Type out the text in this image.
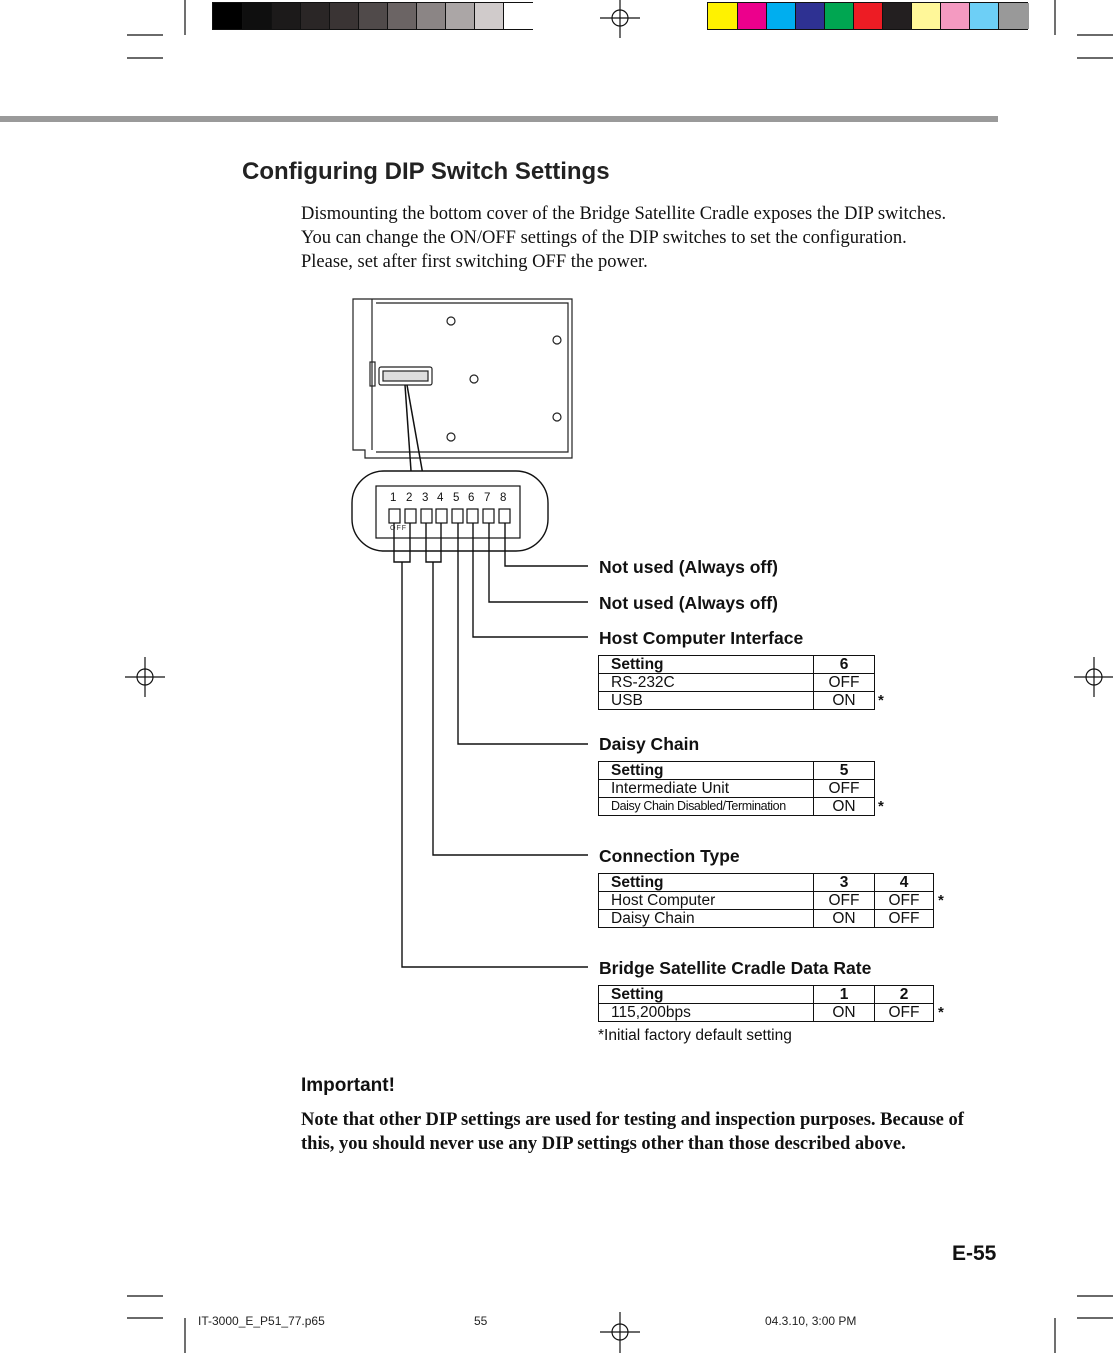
Configuring DIP Switch Settings
Dismounting the bottom cover of the Bridge Satellite Cradle exposes the DIP switches.
You can change the ON/OFF settings of the DIP switches to set the configuration.
Please, set after first switching OFF the power.
1 2 3 4 5 6 7 8
OFF
Not used (Always off)
Not used (Always off)
Host Computer Interface
Setting	6
RS-232C	OFF
USB	ON *
Daisy Chain
Setting	5
Intermediate Unit	OFF
Daisy Chain Disabled/Termination	ON *
Connection Type
Setting	3	4
Host Computer	OFF	OFF
Daisy Chain	ON	OFF
*
Bridge Satellite Cradle Data Rate
Setting	1	2
115,200bps	ON	OFF *
*Initial factory default setting
Important!
Note that other DIP settings are used for testing and inspection purposes. Because of this, you should never use any DIP settings other than those described above.
E-55
IT-3000_E_P51_77.p65	55	04.3.10, 3:00 PM
